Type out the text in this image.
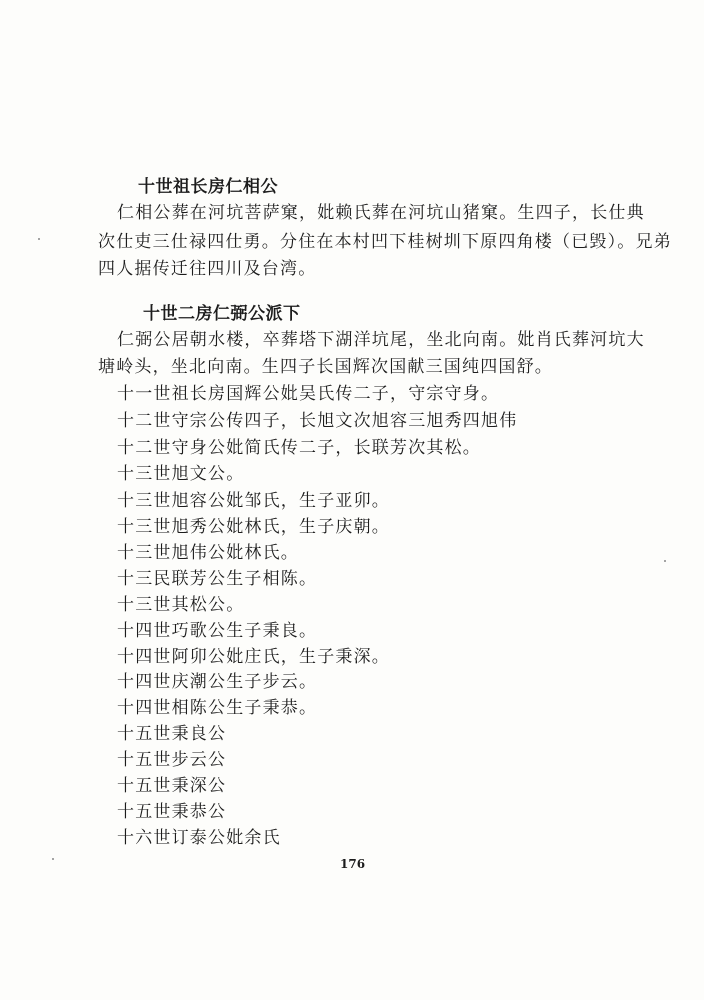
十世祖长房仁相公
仁相公葬在河坑菩萨窠，妣赖氏葬在河坑山猪窠。生四子，长仕典
次仕吏三仕禄四仕勇。分住在本村凹下桂树圳下原四角楼（已毁）。兄弟
四人据传迁往四川及台湾。
十世二房仁弼公派下
仁弼公居朝水楼，卒葬塔下湖洋坑尾，坐北向南。妣肖氏葬河坑大
塘岭头，坐北向南。生四子长国辉次国献三国纯四国舒。
十一世祖长房国辉公妣吴氏传二子，守宗守身。
十二世守宗公传四子，长旭文次旭容三旭秀四旭伟
十二世守身公妣简氏传二子，长联芳次其松。
十三世旭文公。
十三世旭容公妣邹氏，生子亚卯。
十三世旭秀公妣林氏，生子庆朝。
十三世旭伟公妣林氏。
十三民联芳公生子相陈。
十三世其松公。
十四世巧歌公生子秉良。
十四世阿卯公妣庄氏，生子秉深。
十四世庆潮公生子步云。
十四世相陈公生子秉恭。
十五世秉良公
十五世步云公
十五世秉深公
十五世秉恭公
十六世订泰公妣余氏
176
